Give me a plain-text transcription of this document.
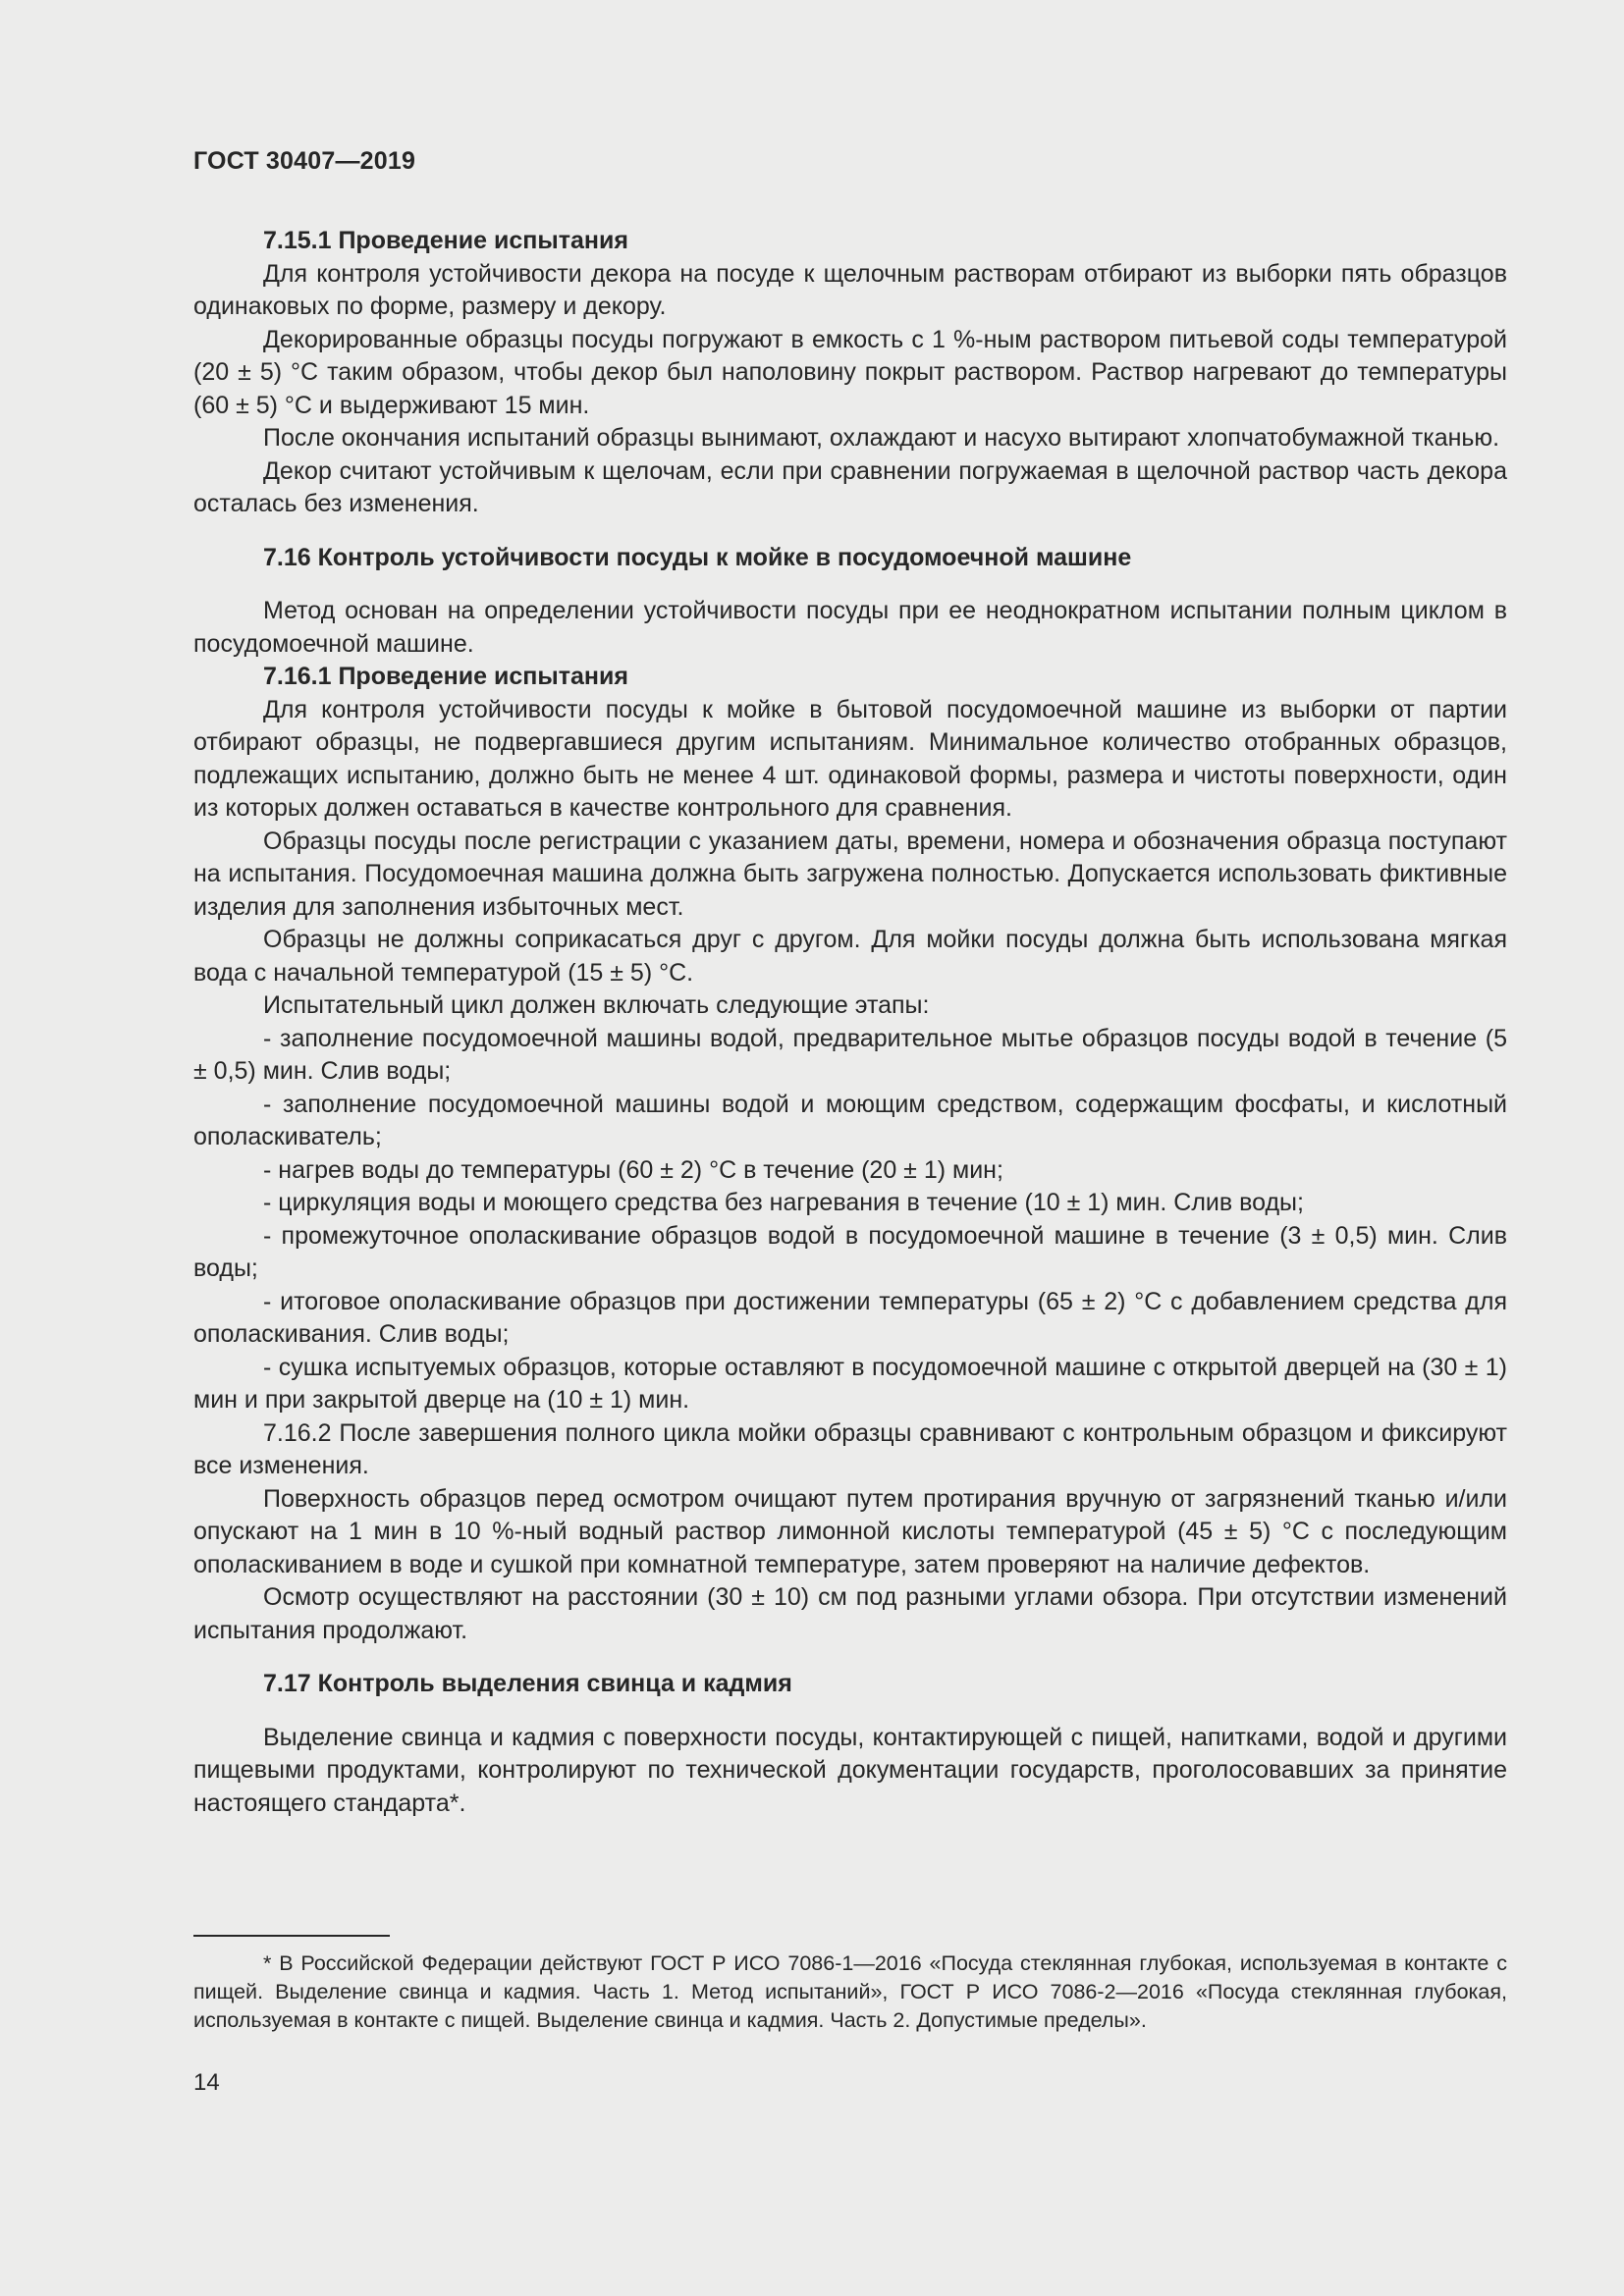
ГОСТ 30407—2019

7.15.1 Проведение испытания

Для контроля устойчивости декора на посуде к щелочным растворам отбирают из выборки пять образцов одинаковых по форме, размеру и декору.

Декорированные образцы посуды погружают в емкость с 1 %-ным раствором питьевой соды температурой (20 ± 5) °С таким образом, чтобы декор был наполовину покрыт раствором. Раствор нагревают до температуры (60 ± 5) °С и выдерживают 15 мин.

После окончания испытаний образцы вынимают, охлаждают и насухо вытирают хлопчатобумажной тканью.

Декор считают устойчивым к щелочам, если при сравнении погружаемая в щелочной раствор часть декора осталась без изменения.

7.16 Контроль устойчивости посуды к мойке в посудомоечной машине

Метод основан на определении устойчивости посуды при ее неоднократном испытании полным циклом в посудомоечной машине.

7.16.1 Проведение испытания

Для контроля устойчивости посуды к мойке в бытовой посудомоечной машине из выборки от партии отбирают образцы, не подвергавшиеся другим испытаниям. Минимальное количество отобранных образцов, подлежащих испытанию, должно быть не менее 4 шт. одинаковой формы, размера и чистоты поверхности, один из которых должен оставаться в качестве контрольного для сравнения.

Образцы посуды после регистрации с указанием даты, времени, номера и обозначения образца поступают на испытания. Посудомоечная машина должна быть загружена полностью. Допускается использовать фиктивные изделия для заполнения избыточных мест.

Образцы не должны соприкасаться друг с другом. Для мойки посуды должна быть использована мягкая вода с начальной температурой (15 ± 5) °С.

Испытательный цикл должен включать следующие этапы:

- заполнение посудомоечной машины водой, предварительное мытье образцов посуды водой в течение (5 ± 0,5) мин. Слив воды;

- заполнение посудомоечной машины водой и моющим средством, содержащим фосфаты, и кислотный ополаскиватель;

- нагрев воды до температуры (60 ± 2) °С в течение (20 ± 1) мин;

- циркуляция воды и моющего средства без нагревания в течение (10 ± 1) мин. Слив воды;

- промежуточное ополаскивание образцов водой в посудомоечной машине в течение (3 ± 0,5) мин. Слив воды;

- итоговое ополаскивание образцов при достижении температуры (65 ± 2) °С с добавлением средства для ополаскивания. Слив воды;

- сушка испытуемых образцов, которые оставляют в посудомоечной машине с открытой дверцей на (30 ± 1) мин и при закрытой дверце на (10 ± 1) мин.

7.16.2 После завершения полного цикла мойки образцы сравнивают с контрольным образцом и фиксируют все изменения.

Поверхность образцов перед осмотром очищают путем протирания вручную от загрязнений тканью и/или опускают на 1 мин в 10 %-ный водный раствор лимонной кислоты температурой (45 ± 5) °С с последующим ополаскиванием в воде и сушкой при комнатной температуре, затем проверяют на наличие дефектов.

Осмотр осуществляют на расстоянии (30 ± 10) см под разными углами обзора. При отсутствии изменений испытания продолжают.

7.17 Контроль выделения свинца и кадмия

Выделение свинца и кадмия с поверхности посуды, контактирующей с пищей, напитками, водой и другими пищевыми продуктами, контролируют по технической документации государств, проголосовавших за принятие настоящего стандарта*.

* В Российской Федерации действуют ГОСТ Р ИСО 7086-1—2016 «Посуда стеклянная глубокая, используемая в контакте с пищей. Выделение свинца и кадмия. Часть 1. Метод испытаний», ГОСТ Р ИСО 7086-2—2016 «Посуда стеклянная глубокая, используемая в контакте с пищей. Выделение свинца и кадмия. Часть 2. Допустимые пределы».

14
